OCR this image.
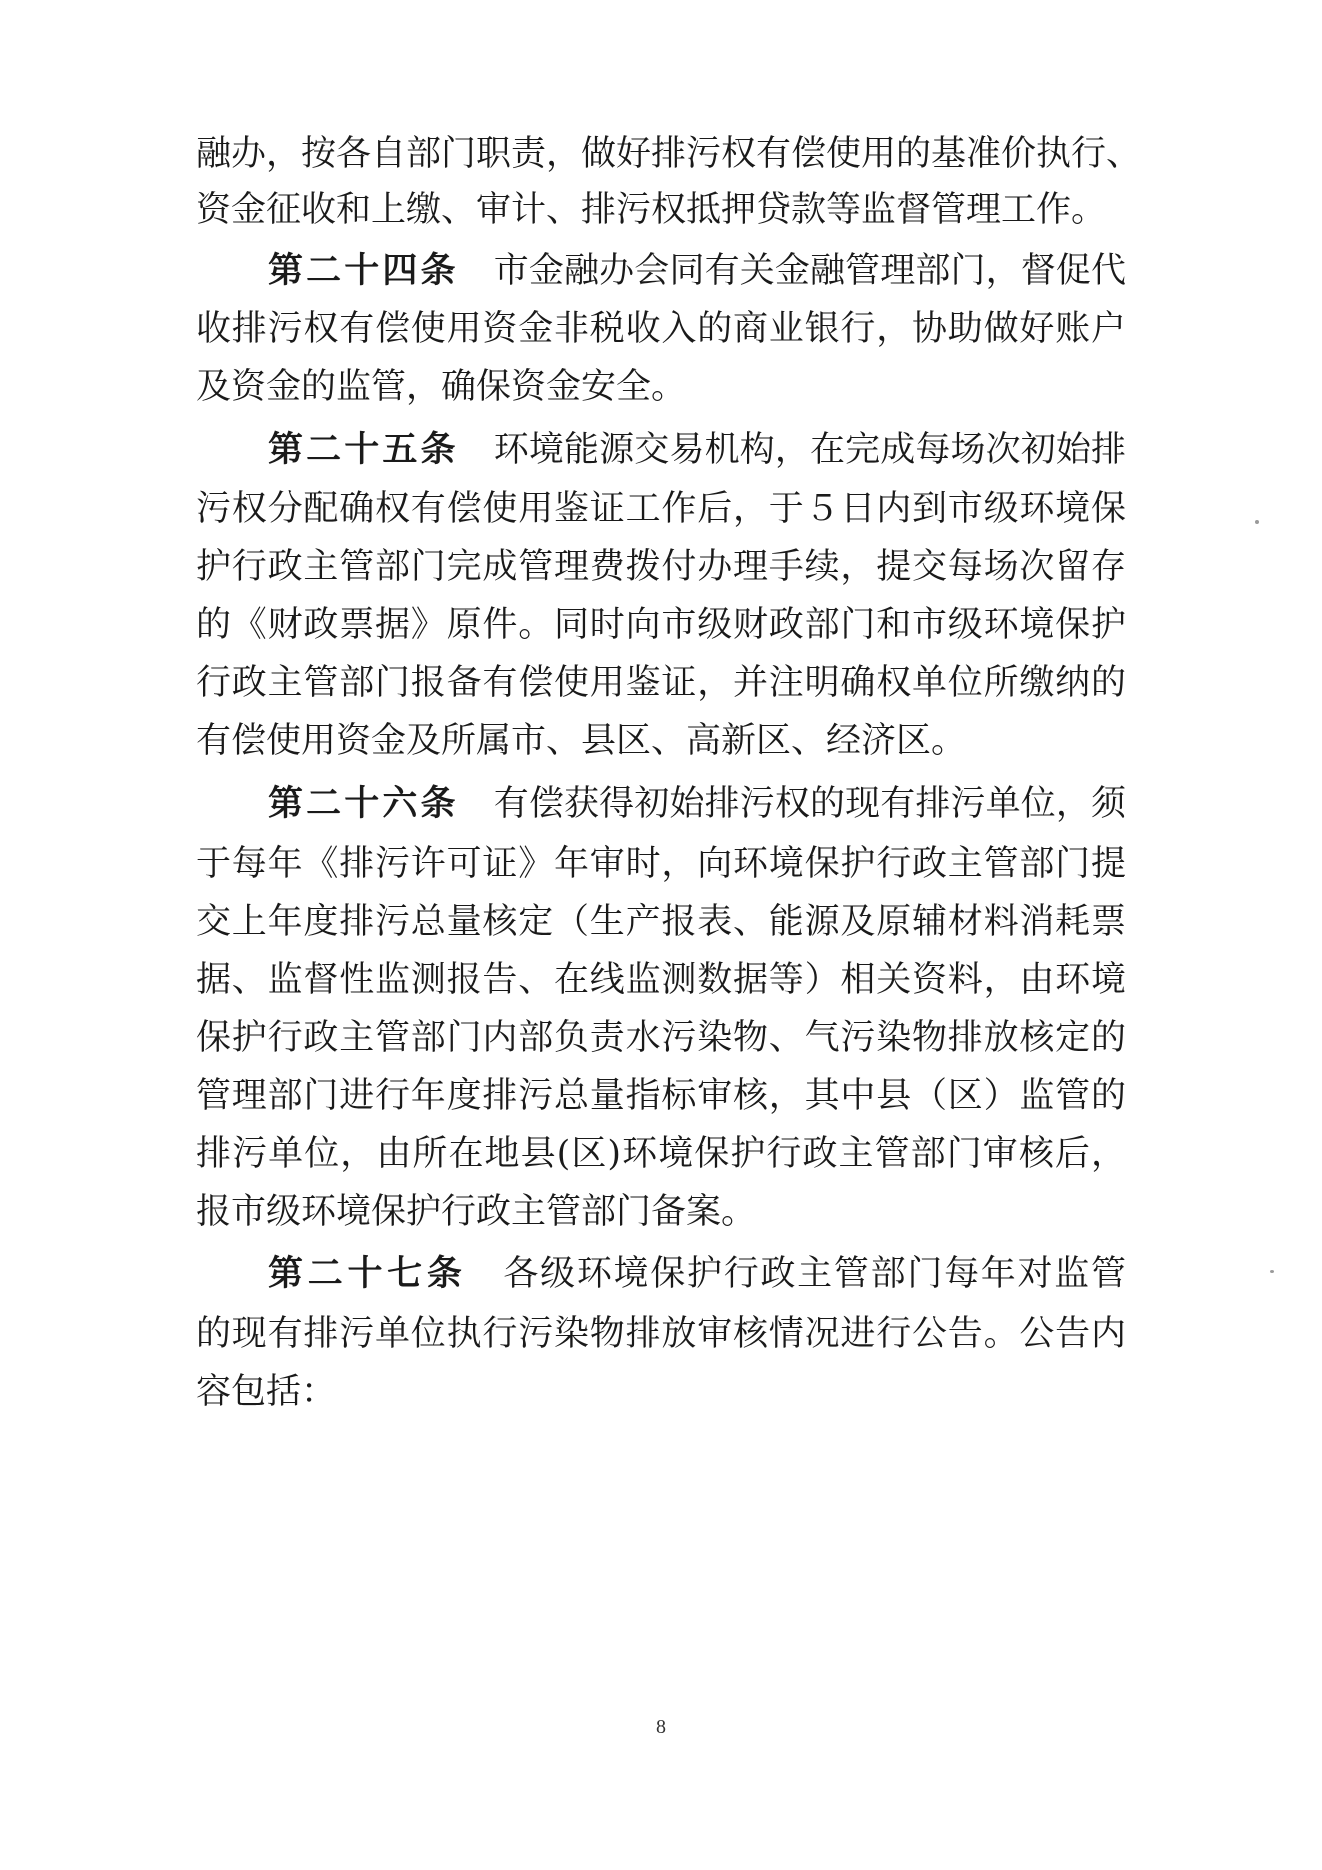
融办，按各自部门职责，做好排污权有偿使用的基准价执行、
资金征收和上缴、审计、排污权抵押贷款等监督管理工作。
第二十四条　 市金融办会同有关金融管理部门，督促代
收排污权有偿使用资金非税收入的商业银行，协助做好账户
及资金的监管，确保资金安全。
第二十五条　 环境能源交易机构，在完成每场次初始排
污权分配确权有偿使用鉴证工作后，于５日内到市级环境保
护行政主管部门完成管理费拨付办理手续，提交每场次留存
的《财政票据》原件。同时向市级财政部门和市级环境保护
行政主管部门报备有偿使用鉴证，并注明确权单位所缴纳的
有偿使用资金及所属市、县区、高新区、经济区。
第二十六条　 有偿获得初始排污权的现有排污单位，须
于每年《排污许可证》年审时，向环境保护行政主管部门提
交上年度排污总量核定（生产报表、能源及原辅材料消耗票
据、监督性监测报告、在线监测数据等）相关资料，由环境
保护行政主管部门内部负责水污染物、气污染物排放核定的
管理部门进行年度排污总量指标审核，其中县（区）监管的
排污单位，由所在地县(区)环境保护行政主管部门审核后，
报市级环境保护行政主管部门备案。
第二十七条　 各级环境保护行政主管部门每年对监管
的现有排污单位执行污染物排放审核情况进行公告。公告内
容包括：
8
